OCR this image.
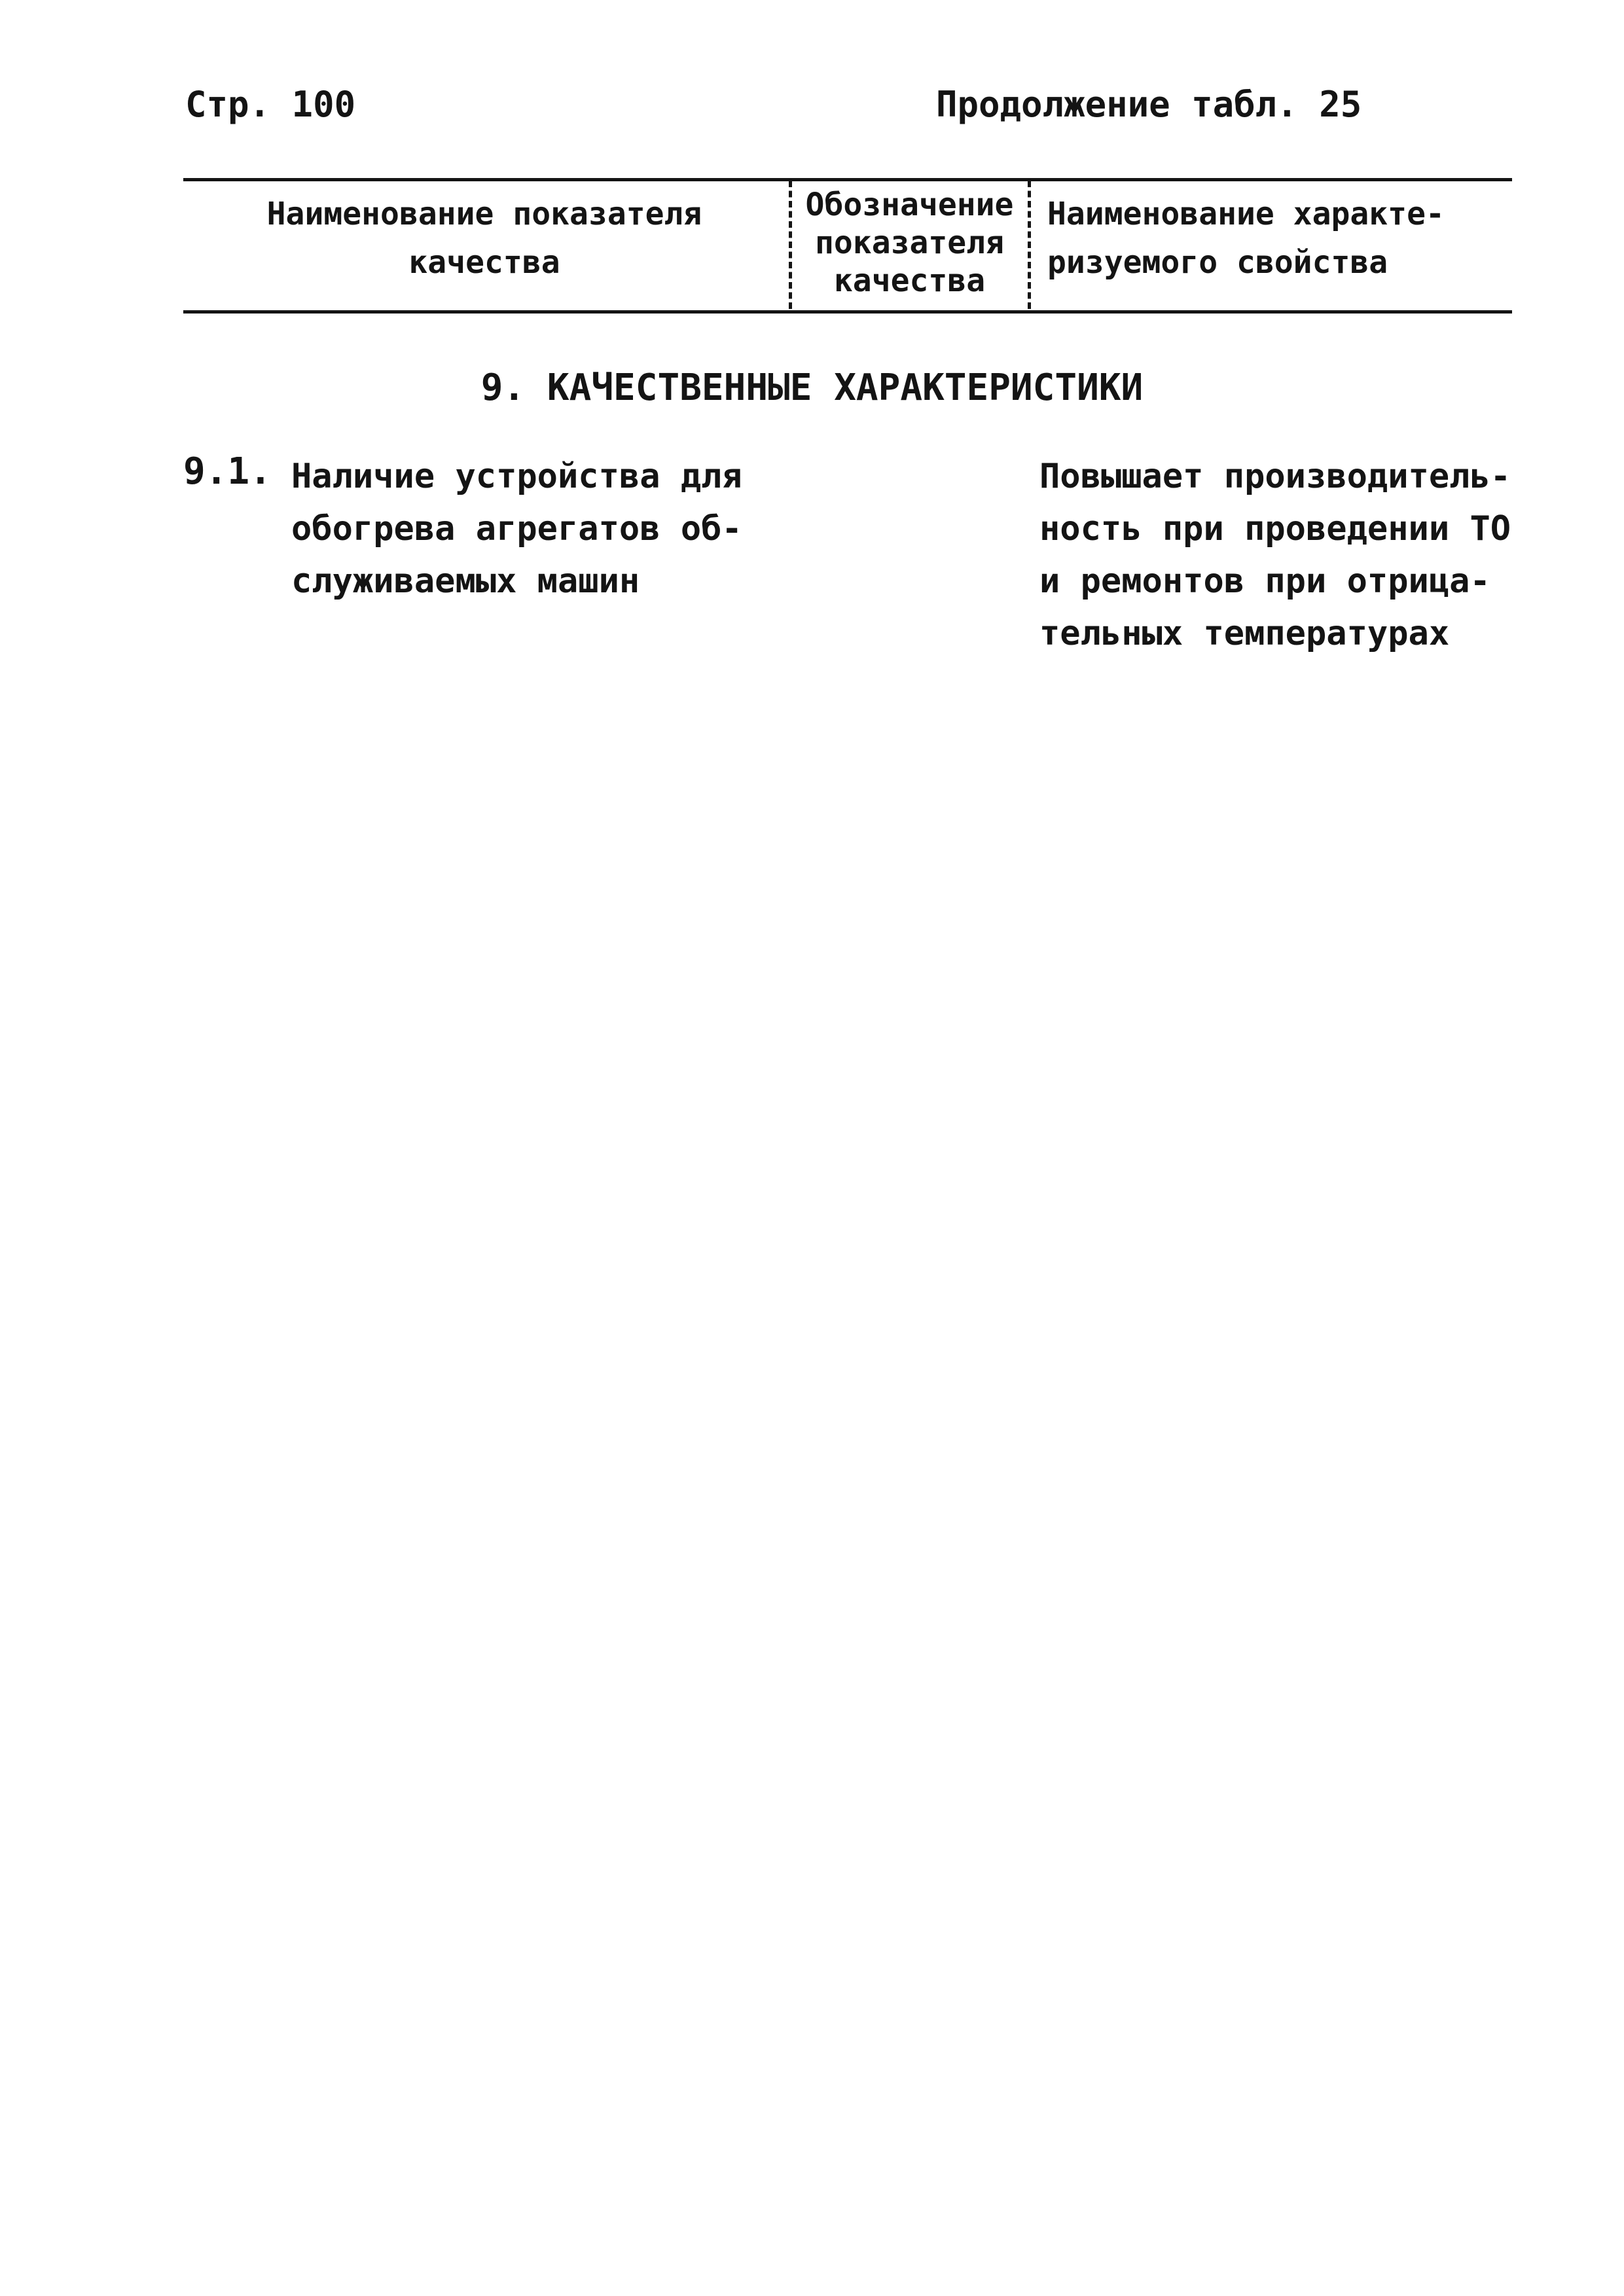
Стр. 100	Продолжение табл. 25
Наименование показателя
качества
Обозначение
показателя
качества
Наименование характе-
ризуемого свойства
9. КАЧЕСТВЕННЫЕ ХАРАКТЕРИСТИКИ
9.1. Наличие устройства для
обогрева агрегатов об-
служиваемых машин
Повышает производитель-
ность при проведении ТО
и ремонтов при отрица-
тельных температурах
